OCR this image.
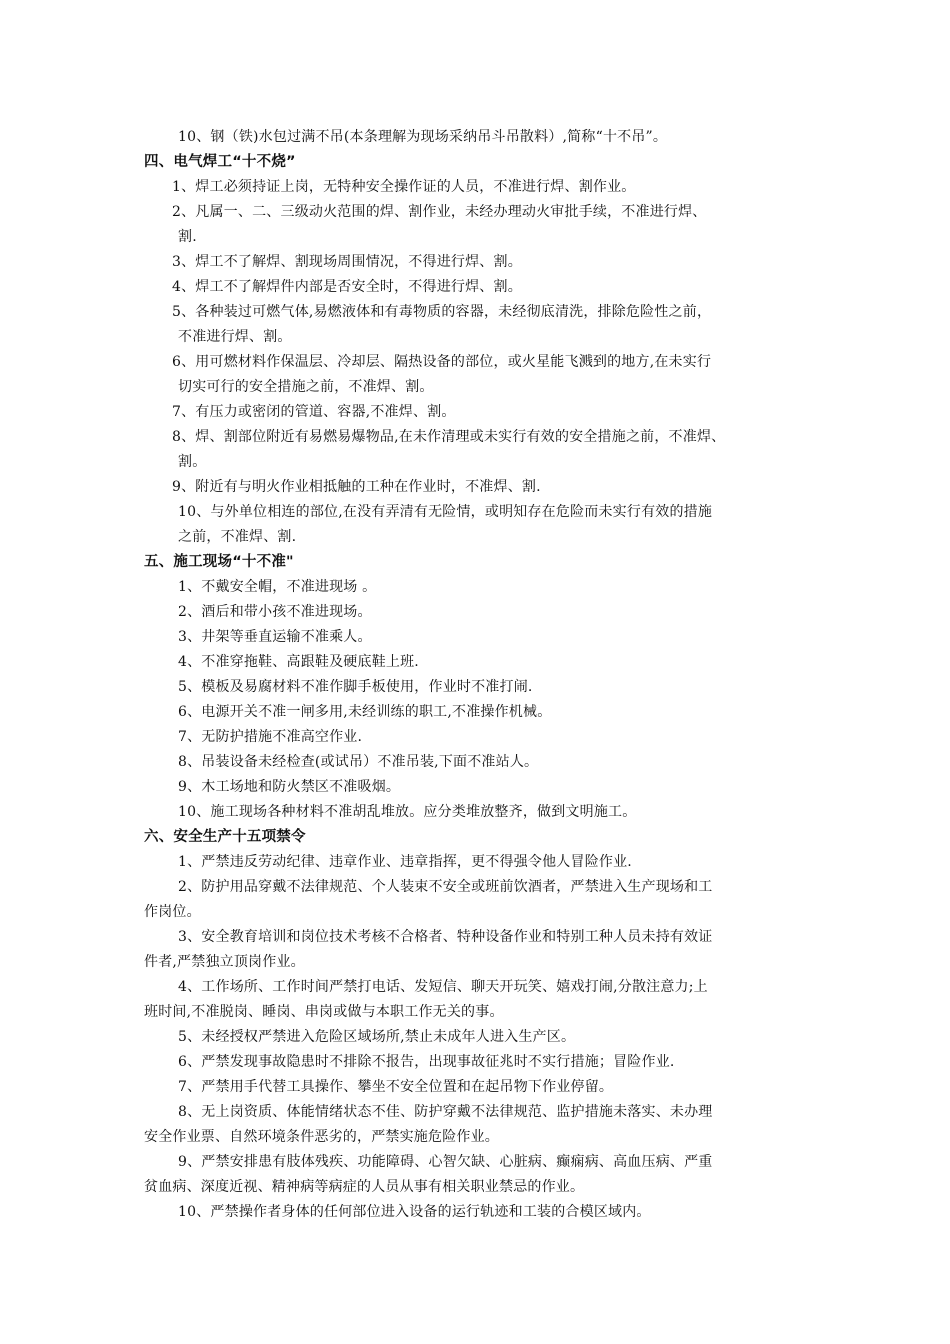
10、钢（铁)水包过满不吊(本条理解为现场采纳吊斗吊散料）,简称“十不吊”。
四、电气焊工“十不烧”
1、焊工必须持证上岗，无特种安全操作证的人员，不准进行焊、割作业。
2、凡属一、二、三级动火范围的焊、割作业，未经办理动火审批手续，不准进行焊、
割.
3、焊工不了解焊、割现场周围情况，不得进行焊、割。
4、焊工不了解焊件内部是否安全时，不得进行焊、割。
5、各种装过可燃气体,易燃液体和有毒物质的容器，未经彻底清洗，排除危险性之前，
不准进行焊、割。
6、用可燃材料作保温层、冷却层、隔热设备的部位，或火星能飞溅到的地方,在未实行
切实可行的安全措施之前，不准焊、割。
7、有压力或密闭的管道、容器,不准焊、割。
8、焊、割部位附近有易燃易爆物品,在未作清理或未实行有效的安全措施之前，不准焊、
割。
9、附近有与明火作业相抵触的工种在作业时，不准焊、割.
10、与外单位相连的部位,在没有弄清有无险情，或明知存在危险而未实行有效的措施
之前，不准焊、割.
五、施工现场“十不准"
1、不戴安全帽，不准进现场 。
2、酒后和带小孩不准进现场。
3、井架等垂直运输不准乘人。
4、不准穿拖鞋、高跟鞋及硬底鞋上班.
5、模板及易腐材料不准作脚手板使用，作业时不准打闹.
6、电源开关不准一闸多用,未经训练的职工,不准操作机械。
7、无防护措施不准高空作业.
8、吊装设备未经检查(或试吊）不准吊装,下面不准站人。
9、木工场地和防火禁区不准吸烟。
10、施工现场各种材料不准胡乱堆放。应分类堆放整齐，做到文明施工。
六、安全生产十五项禁令
1、严禁违反劳动纪律、违章作业、违章指挥，更不得强令他人冒险作业.
2、防护用品穿戴不法律规范、个人装束不安全或班前饮酒者，严禁进入生产现场和工
作岗位。
3、安全教育培训和岗位技术考核不合格者、特种设备作业和特别工种人员未持有效证
件者,严禁独立顶岗作业。
4、工作场所、工作时间严禁打电话、发短信、聊天开玩笑、嬉戏打闹,分散注意力;上
班时间,不准脱岗、睡岗、串岗或做与本职工作无关的事。
5、未经授权严禁进入危险区域场所,禁止未成年人进入生产区。
6、严禁发现事故隐患时不排除不报告，出现事故征兆时不实行措施；冒险作业.
7、严禁用手代替工具操作、攀坐不安全位置和在起吊物下作业停留。
8、无上岗资质、体能情绪状态不佳、防护穿戴不法律规范、监护措施未落实、未办理
安全作业票、自然环境条件恶劣的，严禁实施危险作业。
9、严禁安排患有肢体残疾、功能障碍、心智欠缺、心脏病、癫痫病、高血压病、严重
贫血病、深度近视、精神病等病症的人员从事有相关职业禁忌的作业。
10、严禁操作者身体的任何部位进入设备的运行轨迹和工装的合模区域内。
